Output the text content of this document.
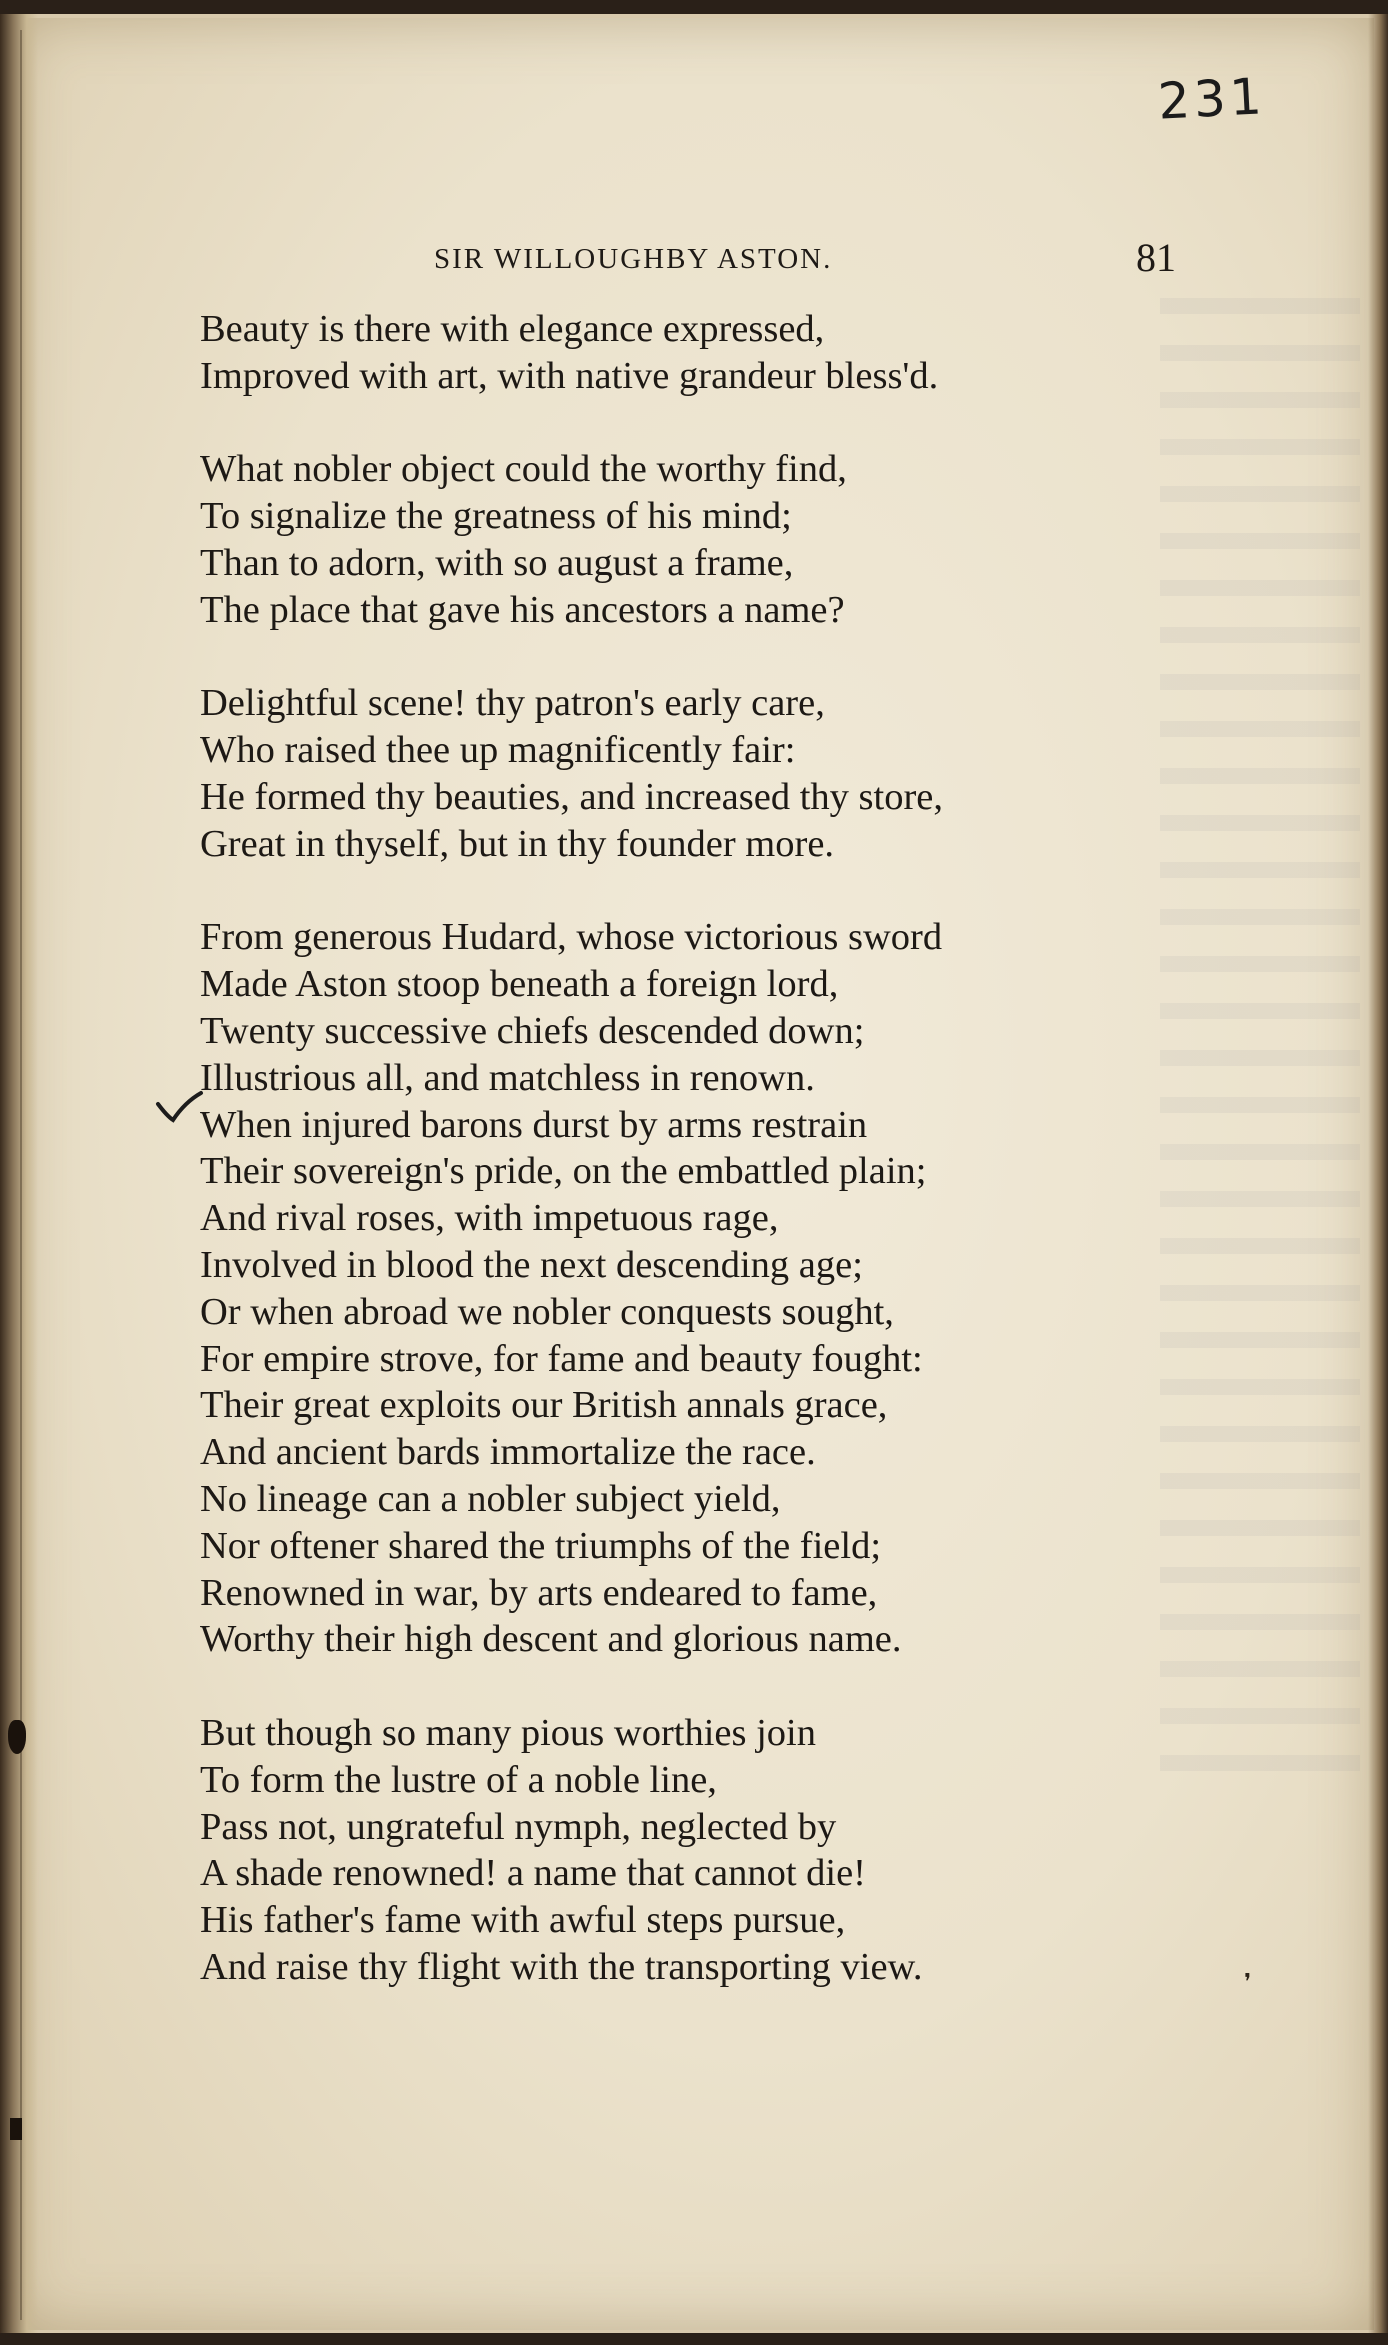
231
SIR WILLOUGHBY ASTON.	81
❜
Beauty is there with elegance expressed,
Improved with art, with native grandeur bless'd.
What nobler object could the worthy find,
To signalize the greatness of his mind;
Than to adorn, with so august a frame,
The place that gave his ancestors a name?
Delightful scene! thy patron's early care,
Who raised thee up magnificently fair:
He formed thy beauties, and increased thy store,
Great in thyself, but in thy founder more.
From generous Hudard, whose victorious sword
Made Aston stoop beneath a foreign lord,
Twenty successive chiefs descended down;
Illustrious all, and matchless in renown.
When injured barons durst by arms restrain
Their sovereign's pride, on the embattled plain;
And rival roses, with impetuous rage,
Involved in blood the next descending age;
Or when abroad we nobler conquests sought,
For empire strove, for fame and beauty fought:
Their great exploits our British annals grace,
And ancient bards immortalize the race.
No lineage can a nobler subject yield,
Nor oftener shared the triumphs of the field;
Renowned in war, by arts endeared to fame,
Worthy their high descent and glorious name.
But though so many pious worthies join
To form the lustre of a noble line,
Pass not, ungrateful nymph, neglected by
A shade renowned! a name that cannot die!
His father's fame with awful steps pursue,
And raise thy flight with the transporting view.
